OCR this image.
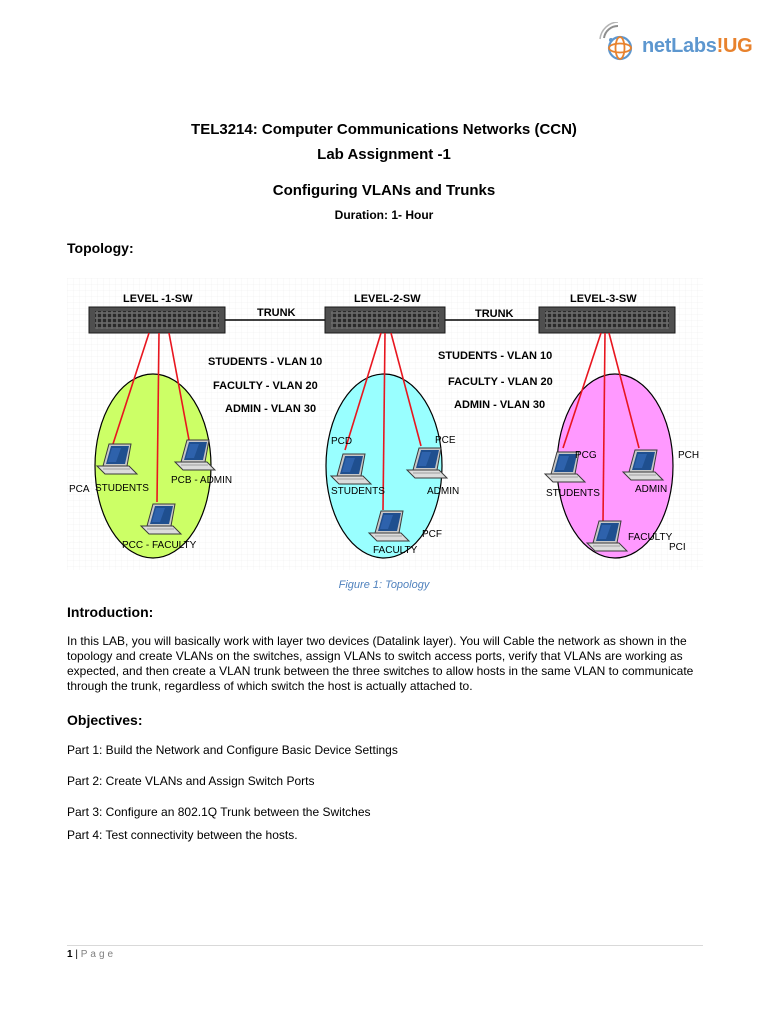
netLabs!UG
TEL3214: Computer Communications Networks (CCN)
Lab Assignment -1
Configuring VLANs and Trunks
Duration: 1- Hour
Topology:
LEVEL -1-SW	LEVEL-2-SW	LEVEL-3-SW
TRUNK	TRUNK
STUDENTS - VLAN 10
FACULTY - VLAN 20
ADMIN - VLAN 30
STUDENTS - VLAN 10
FACULTY - VLAN 20
ADMIN - VLAN 30
PCA STUDENTS
PCB - ADMIN
PCC - FACULTY
PCD	PCE
STUDENTS	ADMIN
PCF
FACULTY
PCG	PCH
STUDENTS	ADMIN
FACULTY
PCI
Figure 1: Topology
Introduction:

In this LAB, you will basically work with layer two devices (Datalink layer). You will Cable the network as shown in the topology and create VLANs on the switches, assign VLANs to switch access ports, verify that VLANs are working as expected, and then create a VLAN trunk between the three switches to allow hosts in the same VLAN to communicate through the trunk, regardless of which switch the host is actually attached to.

Objectives:
Part 1: Build the Network and Configure Basic Device Settings
Part 2: Create VLANs and Assign Switch Ports
Part 3: Configure an 802.1Q Trunk between the Switches
Part 4: Test connectivity between the hosts.
1 | Page
